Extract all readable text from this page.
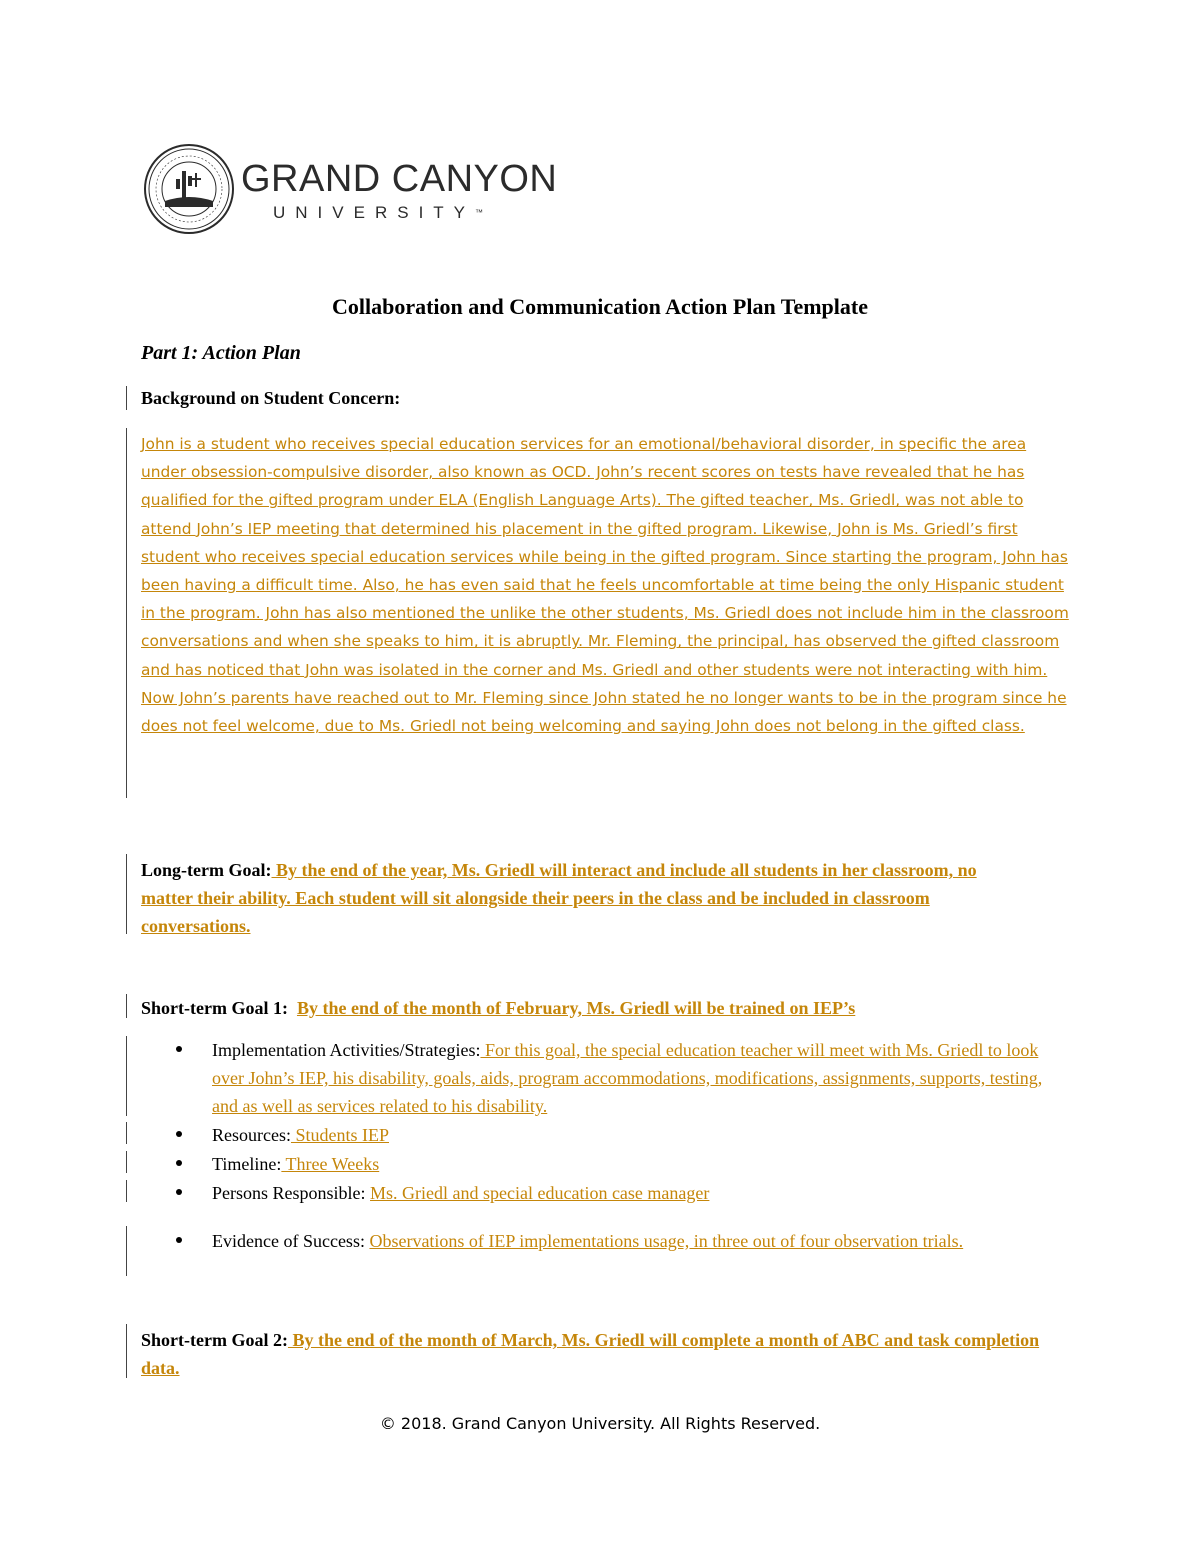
GRAND CANYON
UNIVERSITY™
Collaboration and Communication Action Plan Template
Part 1: Action Plan
Background on Student Concern:
John is a student who receives special education services for an emotional/behavioral disorder, in specific the area under obsession-compulsive disorder, also known as OCD. John’s recent scores on tests have revealed that he has qualified for the gifted program under ELA (English Language Arts). The gifted teacher, Ms. Griedl, was not able to attend John’s IEP meeting that determined his placement in the gifted program. Likewise, John is Ms. Griedl’s first student who receives special education services while being in the gifted program. Since starting the program, John has been having a difficult time. Also, he has even said that he feels uncomfortable at time being the only Hispanic student in the program. John has also mentioned the unlike the other students, Ms. Griedl does not include him in the classroom conversations and when she speaks to him, it is abruptly. Mr. Fleming, the principal, has observed the gifted classroom and has noticed that John was isolated in the corner and Ms. Griedl and other students were not interacting with him. Now John’s parents have reached out to Mr. Fleming since John stated he no longer wants to be in the program since he does not feel welcome, due to Ms. Griedl not being welcoming and saying John does not belong in the gifted class.
Long-term Goal: By the end of the year, Ms. Griedl will interact and include all students in her classroom, no matter their ability. Each student will sit alongside their peers in the class and be included in classroom conversations.
Short-term Goal 1: By the end of the month of February, Ms. Griedl will be trained on IEP’s
Implementation Activities/Strategies: For this goal, the special education teacher will meet with Ms. Griedl to look over John’s IEP, his disability, goals, aids, program accommodations, modifications, assignments, supports, testing, and as well as services related to his disability.
Resources: Students IEP
Timeline: Three Weeks
Persons Responsible: Ms. Griedl and special education case manager
Evidence of Success: Observations of IEP implementations usage, in three out of four observation trials.
Short-term Goal 2: By the end of the month of March, Ms. Griedl will complete a month of ABC and task completion data.
© 2018. Grand Canyon University. All Rights Reserved.
